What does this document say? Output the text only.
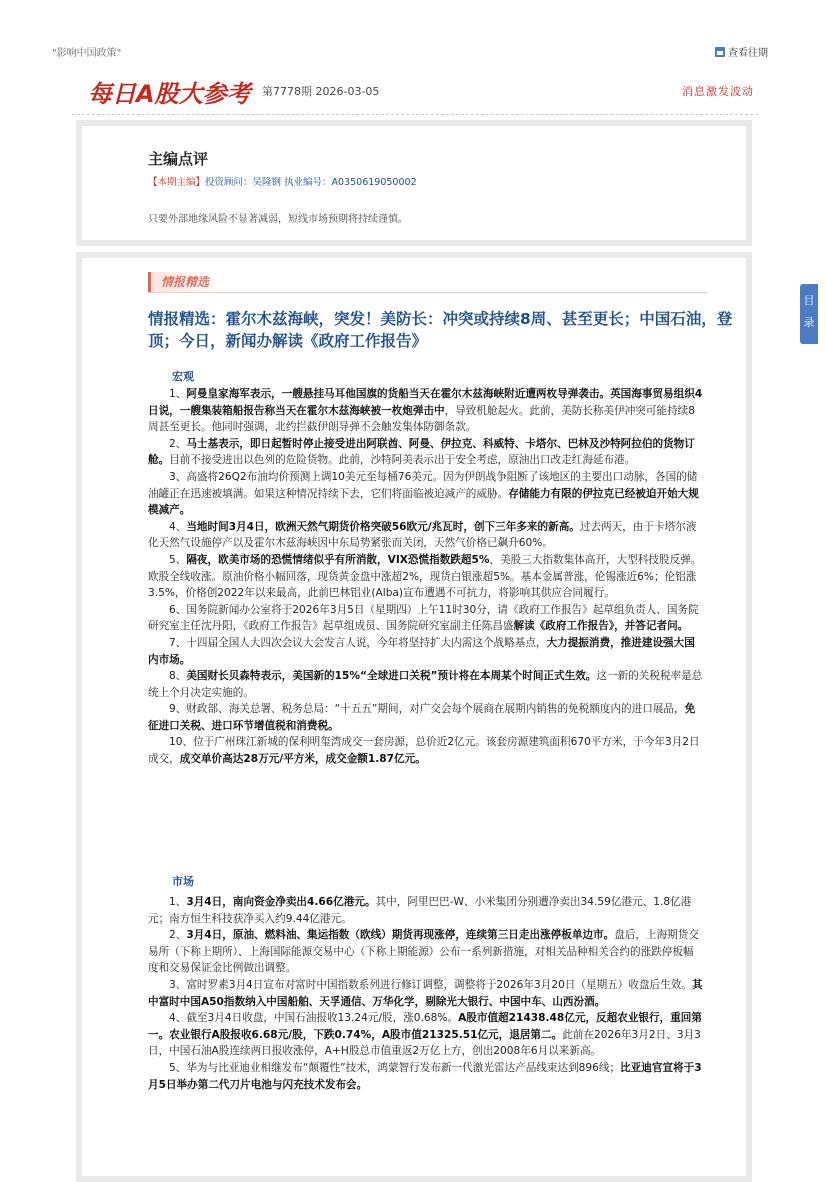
"影响中国政策"	查看往期
每日A股大参考 第7778期 2026-03-05	消息激发波动
主编点评
【本期主编】投资顾问：吴隆钢 执业编号：A0350619050002
只要外部地缘风险不显著减弱，短线市场预期将持续谨慎。
情报精选
情报精选：霍尔木兹海峡，突发！美防长：冲突或持续8周、甚至更长；中国石油，登顶；今日，新闻办解读《政府工作报告》
宏观

1、阿曼皇家海军表示，一艘悬挂马耳他国旗的货船当天在霍尔木兹海峡附近遭两枚导弹袭击。英国海事贸易组织4日说，一艘集装箱船报告称当天在霍尔木兹海峡被一枚炮弹击中，导致机舱起火。此前，美防长称美伊冲突可能持续8周甚至更长。他同时强调，北约拦截伊朗导弹不会触发集体防御条款。

2、马士基表示，即日起暂时停止接受进出阿联酋、阿曼、伊拉克、科威特、卡塔尔、巴林及沙特阿拉伯的货物订舱。目前不接受进出以色列的危险货物。此前，沙特阿美表示出于安全考虑，原油出口改走红海延布港。

3、高盛将26Q2布油均价预测上调10美元至每桶76美元。因为伊朗战争阻断了该地区的主要出口动脉，各国的储油罐正在迅速被填满。如果这种情况持续下去，它们将面临被迫减产的威胁。存储能力有限的伊拉克已经被迫开始大规模减产。

4、当地时间3月4日，欧洲天然气期货价格突破56欧元/兆瓦时，创下三年多来的新高。过去两天，由于卡塔尔液化天然气设施停产以及霍尔木兹海峡因中东局势紧张而关闭，天然气价格已飙升60%。

5、隔夜，欧美市场的恐慌情绪似乎有所消散，VIX恐慌指数跌超5%，美股三大指数集体高开，大型科技股反弹。欧股全线收涨。原油价格小幅回落，现货黄金盘中涨超2%，现货白银涨超5%。基本金属普涨，伦锡涨近6%；伦铝涨3.5%，价格创2022年以来最高，此前巴林铝业(Alba)宣布遭遇不可抗力，将影响其供应合同履行。

6、国务院新闻办公室将于2026年3月5日（星期四）上午11时30分，请《政府工作报告》起草组负责人、国务院研究室主任沈丹阳，《政府工作报告》起草组成员、国务院研究室副主任陈昌盛解读《政府工作报告》，并答记者问。

7、十四届全国人大四次会议大会发言人说，今年将坚持扩大内需这个战略基点，大力提振消费，推进建设强大国内市场。

8、美国财长贝森特表示，美国新的15%“全球进口关税”预计将在本周某个时间正式生效。这一新的关税税率是总统上个月决定实施的。

9、财政部、海关总署、税务总局：“十五五”期间，对广交会每个展商在展期内销售的免税额度内的进口展品，免征进口关税、进口环节增值税和消费税。

10、位于广州珠江新城的保利明玺湾成交一套房源，总价近2亿元。该套房源建筑面积670平方米，于今年3月2日成交，成交单价高达28万元/平方米，成交金额1.87亿元。

市场

1、3月4日，南向资金净卖出4.66亿港元。其中，阿里巴巴-W、小米集团分别遭净卖出34.59亿港元、1.8亿港元；南方恒生科技获净买入约9.44亿港元。

2、3月4日，原油、燃料油、集运指数（欧线）期货再现涨停，连续第三日走出涨停板单边市。盘后，上海期货交易所（下称上期所）、上海国际能源交易中心（下称上期能源）公布一系列新措施，对相关品种相关合约的涨跌停板幅度和交易保证金比例做出调整。

3、富时罗素3月4日宣布对富时中国指数系列进行修订调整，调整将于2026年3月20日（星期五）收盘后生效。其中富时中国A50指数纳入中国船舶、天孚通信、万华化学，剔除光大银行、中国中车、山西汾酒。

4、截至3月4日收盘，中国石油报收13.24元/股，涨0.68%。A股市值超21438.48亿元，反超农业银行，重回第一。农业银行A股报收6.68元/股，下跌0.74%，A股市值21325.51亿元，退居第二。此前在2026年3月2日、3月3日，中国石油A股连续两日报收涨停，A+H股总市值重返2万亿上方，创出2008年6月以来新高。

5、华为与比亚迪业相继发布“颠覆性”技术，鸿蒙智行发布新一代激光雷达产品线束达到896线；比亚迪官宣将于3月5日举办第二代刀片电池与闪充技术发布会。

目
录
